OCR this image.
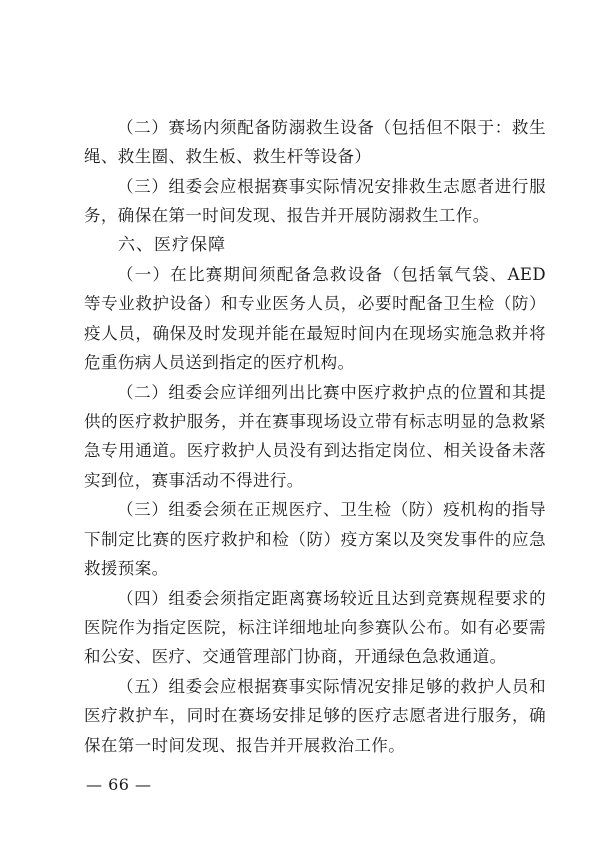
（二）赛场内须配备防溺救生设备（包括但不限于：救生绳、救生圈、救生板、救生杆等设备）

（三）组委会应根据赛事实际情况安排救生志愿者进行服务，确保在第一时间发现、报告并开展防溺救生工作。

六、医疗保障

（一）在比赛期间须配备急救设备（包括氧气袋、AED 等专业救护设备）和专业医务人员，必要时配备卫生检（防）疫人员，确保及时发现并能在最短时间内在现场实施急救并将危重伤病人员送到指定的医疗机构。

（二）组委会应详细列出比赛中医疗救护点的位置和其提供的医疗救护服务，并在赛事现场设立带有标志明显的急救紧急专用通道。医疗救护人员没有到达指定岗位、相关设备未落实到位，赛事活动不得进行。

（三）组委会须在正规医疗、卫生检（防）疫机构的指导下制定比赛的医疗救护和检（防）疫方案以及突发事件的应急救援预案。

（四）组委会须指定距离赛场较近且达到竞赛规程要求的医院作为指定医院，标注详细地址向参赛队公布。如有必要需和公安、医疗、交通管理部门协商，开通绿色急救通道。

（五）组委会应根据赛事实际情况安排足够的救护人员和医疗救护车，同时在赛场安排足够的医疗志愿者进行服务，确保在第一时间发现、报告并开展救治工作。

— 66 —
